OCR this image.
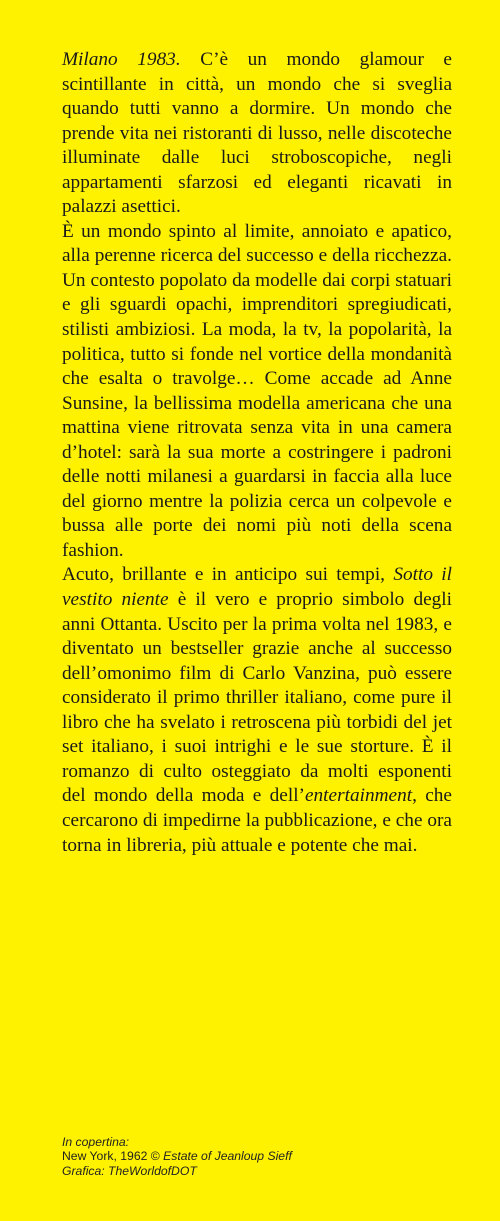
Milano 1983. C’è un mondo glamour e scintillante in città, un mondo che si sveglia quando tutti vanno a dormire. Un mondo che prende vita nei ristoranti di lusso, nelle discoteche illuminate dalle luci stroboscopiche, negli appartamenti sfarzosi ed eleganti ricavati in palazzi asettici.

È un mondo spinto al limite, annoiato e apatico, alla perenne ricerca del successo e della ricchezza. Un contesto popolato da modelle dai corpi statuari e gli sguardi opachi, imprenditori spregiudicati, stilisti ambiziosi. La moda, la tv, la popolarità, la politica, tutto si fonde nel vortice della mondanità che esalta o travolge… Come accade ad Anne Sunsine, la bellissima modella americana che una mattina viene ritrovata senza vita in una camera d’hotel: sarà la sua morte a costringere i padroni delle notti milanesi a guardarsi in faccia alla luce del giorno mentre la polizia cerca un colpevole e bussa alle porte dei nomi più noti della scena fashion.

Acuto, brillante e in anticipo sui tempi, Sotto il vestito niente è il vero e proprio simbolo degli anni Ottanta. Uscito per la prima volta nel 1983, e diventato un bestseller grazie anche al successo dell’omonimo film di Carlo Vanzina, può essere considerato il primo thriller italiano, come pure il libro che ha svelato i retroscena più torbidi del jet set italiano, i suoi intrighi e le sue storture. È il romanzo di culto osteggiato da molti esponenti del mondo della moda e dell’entertainment, che cercarono di impedirne la pubblicazione, e che ora torna in libreria, più attuale e potente che mai.

In copertina:
New York, 1962 © Estate of Jeanloup Sieff
Grafica: TheWorldofDOT
